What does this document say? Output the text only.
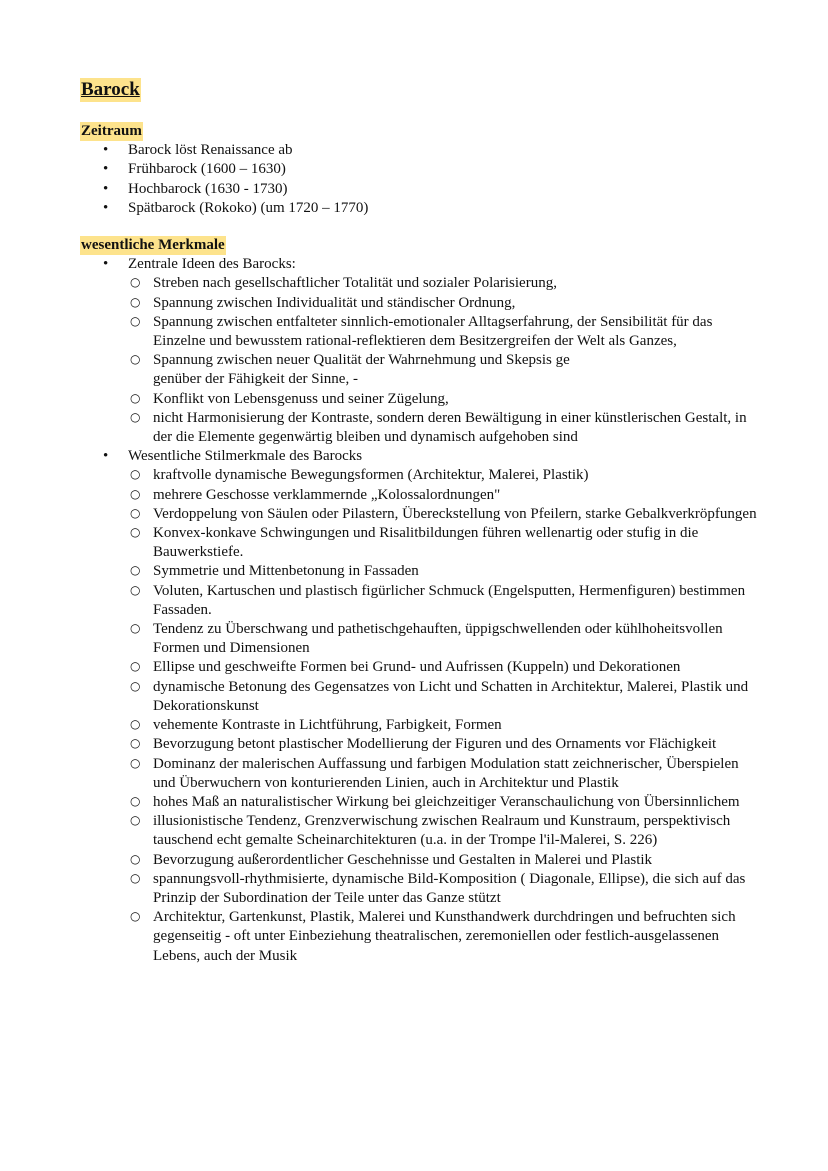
Barock
Zeitraum
• Barock löst Renaissance ab
• Frühbarock (1600 – 1630)
• Hochbarock (1630 - 1730)
• Spätbarock (Rokoko) (um 1720 – 1770)
wesentliche Merkmale
• Zentrale Ideen des Barocks:
○ Streben nach gesellschaftlicher Totalität und sozialer Polarisierung,
○ Spannung zwischen Individualität und ständischer Ordnung,
○ Spannung zwischen entfalteter sinnlich-emotionaler Alltagserfahrung, der Sensibilität für das Einzelne und bewusstem rational-reflektieren dem Besitzergreifen der Welt als Ganzes,
○ Spannung zwischen neuer Qualität der Wahrnehmung und Skepsis ge
genüber der Fähigkeit der Sinne, -
○ Konflikt von Lebensgenuss und seiner Zügelung,
○ nicht Harmonisierung der Kontraste, sondern deren Bewältigung in einer künstlerischen Gestalt, in der die Elemente gegenwärtig bleiben und dynamisch aufgehoben sind
• Wesentliche Stilmerkmale des Barocks
○ kraftvolle dynamische Bewegungsformen (Architektur, Malerei, Plastik)
○ mehrere Geschosse verklammernde „Kolossalordnungen"
○ Verdoppelung von Säulen oder Pilastern, Übereckstellung von Pfeilern, starke Gebalkverkröpfungen
○ Konvex-konkave Schwingungen und Risalitbildungen führen wellenartig oder stufig in die Bauwerkstiefe.
○ Symmetrie und Mittenbetonung in Fassaden
○ Voluten, Kartuschen und plastisch figürlicher Schmuck (Engelsputten, Hermenfiguren) bestimmen Fassaden.
○ Tendenz zu Überschwang und pathetischgehauften, üppigschwellenden oder kühlhoheitsvollen Formen und Dimensionen
○ Ellipse und geschweifte Formen bei Grund- und Aufrissen (Kuppeln) und Dekorationen
○ dynamische Betonung des Gegensatzes von Licht und Schatten in Architektur, Malerei, Plastik und Dekorationskunst
○ vehemente Kontraste in Lichtführung, Farbigkeit, Formen
○ Bevorzugung betont plastischer Modellierung der Figuren und des Ornaments vor Flächigkeit
○ Dominanz der malerischen Auffassung und farbigen Modulation statt zeichnerischer, Überspielen und Überwuchern von konturierenden Linien, auch in Architektur und Plastik
○ hohes Maß an naturalistischer Wirkung bei gleichzeitiger Veranschaulichung von Übersinnlichem
○ illusionistische Tendenz, Grenzverwischung zwischen Realraum und Kunstraum, perspektivisch tauschend echt gemalte Scheinarchitekturen (u.a. in der Trompe l'il-Malerei, S. 226)
○ Bevorzugung außerordentlicher Geschehnisse und Gestalten in Malerei und Plastik
○ spannungsvoll-rhythmisierte, dynamische Bild-Komposition ( Diagonale, Ellipse), die sich auf das Prinzip der Subordination der Teile unter das Ganze stützt
○ Architektur, Gartenkunst, Plastik, Malerei und Kunsthandwerk durchdringen und befruchten sich gegenseitig - oft unter Einbeziehung theatralischen, zeremoniellen oder festlich-ausgelassenen Lebens, auch der Musik
